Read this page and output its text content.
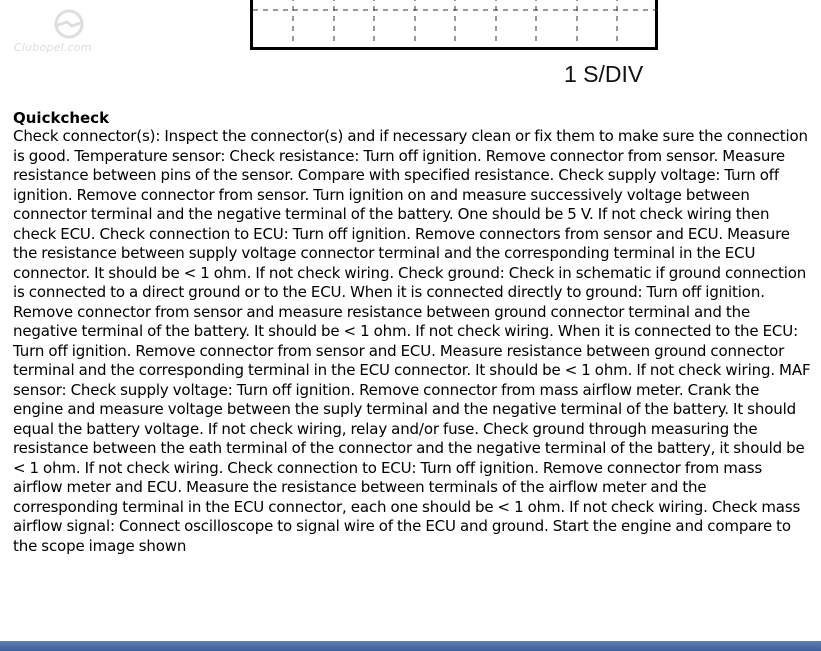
Clubopel.com
1 S/DIV

Quickcheck

Check connector(s): Inspect the connector(s) and if necessary clean or fix them to make sure the connection is good. Temperature sensor: Check resistance: Turn off ignition. Remove connector from sensor. Measure resistance between pins of the sensor. Compare with specified resistance. Check supply voltage: Turn off ignition. Remove connector from sensor. Turn ignition on and measure successively voltage between connector terminal and the negative terminal of the battery. One should be 5 V. If not check wiring then check ECU. Check connection to ECU: Turn off ignition. Remove connectors from sensor and ECU. Measure the resistance between supply voltage connector terminal and the corresponding terminal in the ECU connector. It should be < 1 ohm. If not check wiring. Check ground: Check in schematic if ground connection is connected to a direct ground or to the ECU. When it is connected directly to ground: Turn off ignition. Remove connector from sensor and measure resistance between ground connector terminal and the negative terminal of the battery. It should be < 1 ohm. If not check wiring. When it is connected to the ECU: Turn off ignition. Remove connector from sensor and ECU. Measure resistance between ground connector terminal and the corresponding terminal in the ECU connector. It should be < 1 ohm. If not check wiring. MAF sensor: Check supply voltage: Turn off ignition. Remove connector from mass airflow meter. Crank the engine and measure voltage between the suply terminal and the negative terminal of the battery. It should equal the battery voltage. If not check wiring, relay and/or fuse. Check ground through measuring the resistance between the eath terminal of the connector and the negative terminal of the battery, it should be < 1 ohm. If not check wiring. Check connection to ECU: Turn off ignition. Remove connector from mass airflow meter and ECU. Measure the resistance between terminals of the airflow meter and the corresponding terminal in the ECU connector, each one should be < 1 ohm. If not check wiring. Check mass airflow signal: Connect oscilloscope to signal wire of the ECU and ground. Start the engine and compare to the scope image shown
